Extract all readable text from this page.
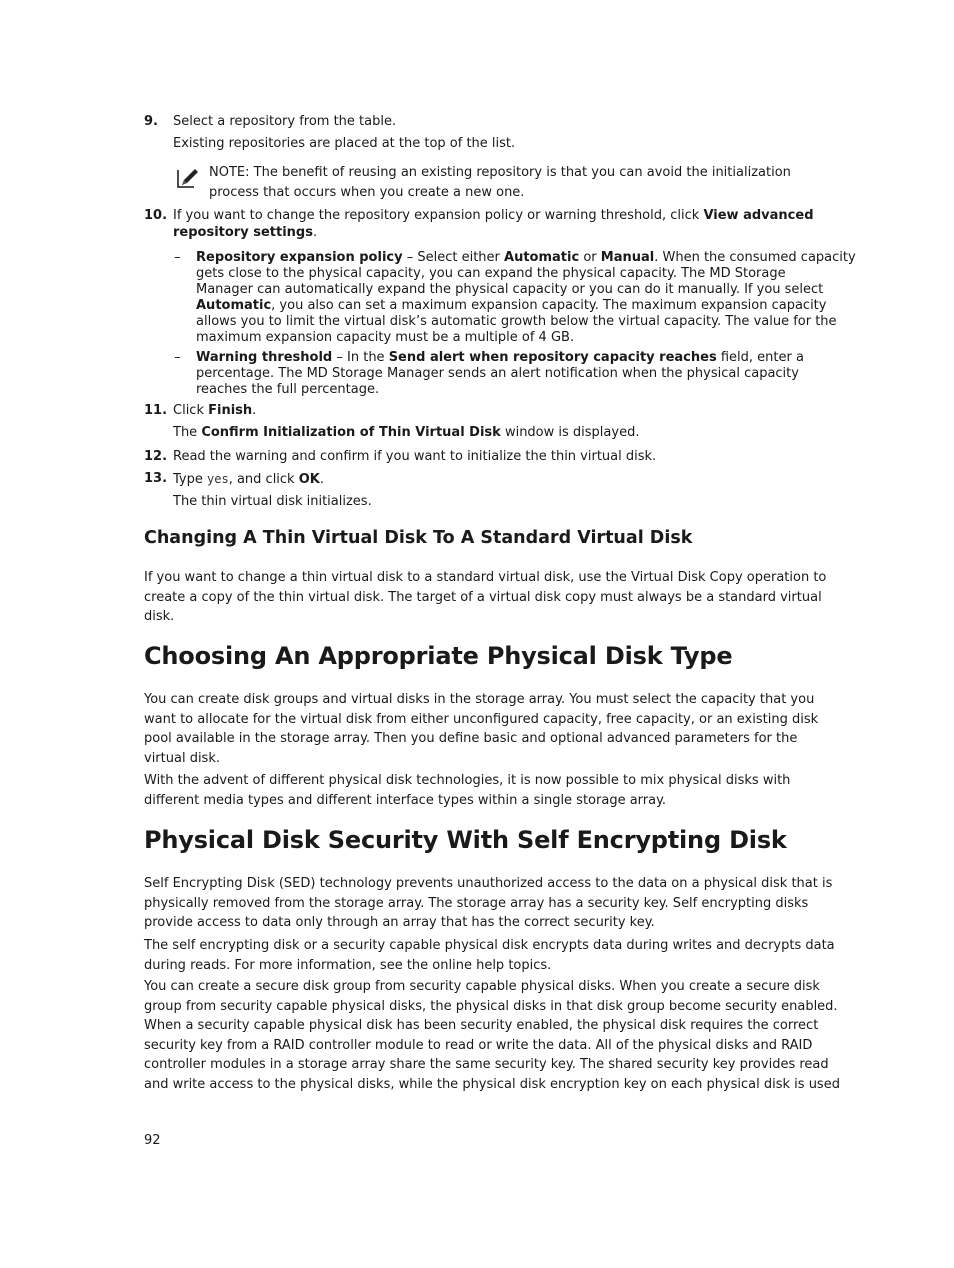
9. Select a repository from the table.
Existing repositories are placed at the top of the list.
NOTE: The benefit of reusing an existing repository is that you can avoid the initialization
process that occurs when you create a new one.
10. If you want to change the repository expansion policy or warning threshold, click View advanced
repository settings.
– Repository expansion policy – Select either Automatic or Manual. When the consumed capacity
gets close to the physical capacity, you can expand the physical capacity. The MD Storage
Manager can automatically expand the physical capacity or you can do it manually. If you select
Automatic, you also can set a maximum expansion capacity. The maximum expansion capacity
allows you to limit the virtual disk’s automatic growth below the virtual capacity. The value for the
maximum expansion capacity must be a multiple of 4 GB.
– Warning threshold – In the Send alert when repository capacity reaches field, enter a
percentage. The MD Storage Manager sends an alert notification when the physical capacity
reaches the full percentage.
11. Click Finish.
The Confirm Initialization of Thin Virtual Disk window is displayed.
12. Read the warning and confirm if you want to initialize the thin virtual disk.
13. Type yes, and click OK.
The thin virtual disk initializes.
Changing A Thin Virtual Disk To A Standard Virtual Disk
If you want to change a thin virtual disk to a standard virtual disk, use the Virtual Disk Copy operation to
create a copy of the thin virtual disk. The target of a virtual disk copy must always be a standard virtual
disk.
Choosing An Appropriate Physical Disk Type
You can create disk groups and virtual disks in the storage array. You must select the capacity that you
want to allocate for the virtual disk from either unconfigured capacity, free capacity, or an existing disk
pool available in the storage array. Then you define basic and optional advanced parameters for the
virtual disk.
With the advent of different physical disk technologies, it is now possible to mix physical disks with
different media types and different interface types within a single storage array.
Physical Disk Security With Self Encrypting Disk
Self Encrypting Disk (SED) technology prevents unauthorized access to the data on a physical disk that is
physically removed from the storage array. The storage array has a security key. Self encrypting disks
provide access to data only through an array that has the correct security key.
The self encrypting disk or a security capable physical disk encrypts data during writes and decrypts data
during reads. For more information, see the online help topics.
You can create a secure disk group from security capable physical disks. When you create a secure disk
group from security capable physical disks, the physical disks in that disk group become security enabled.
When a security capable physical disk has been security enabled, the physical disk requires the correct
security key from a RAID controller module to read or write the data. All of the physical disks and RAID
controller modules in a storage array share the same security key. The shared security key provides read
and write access to the physical disks, while the physical disk encryption key on each physical disk is used
92
